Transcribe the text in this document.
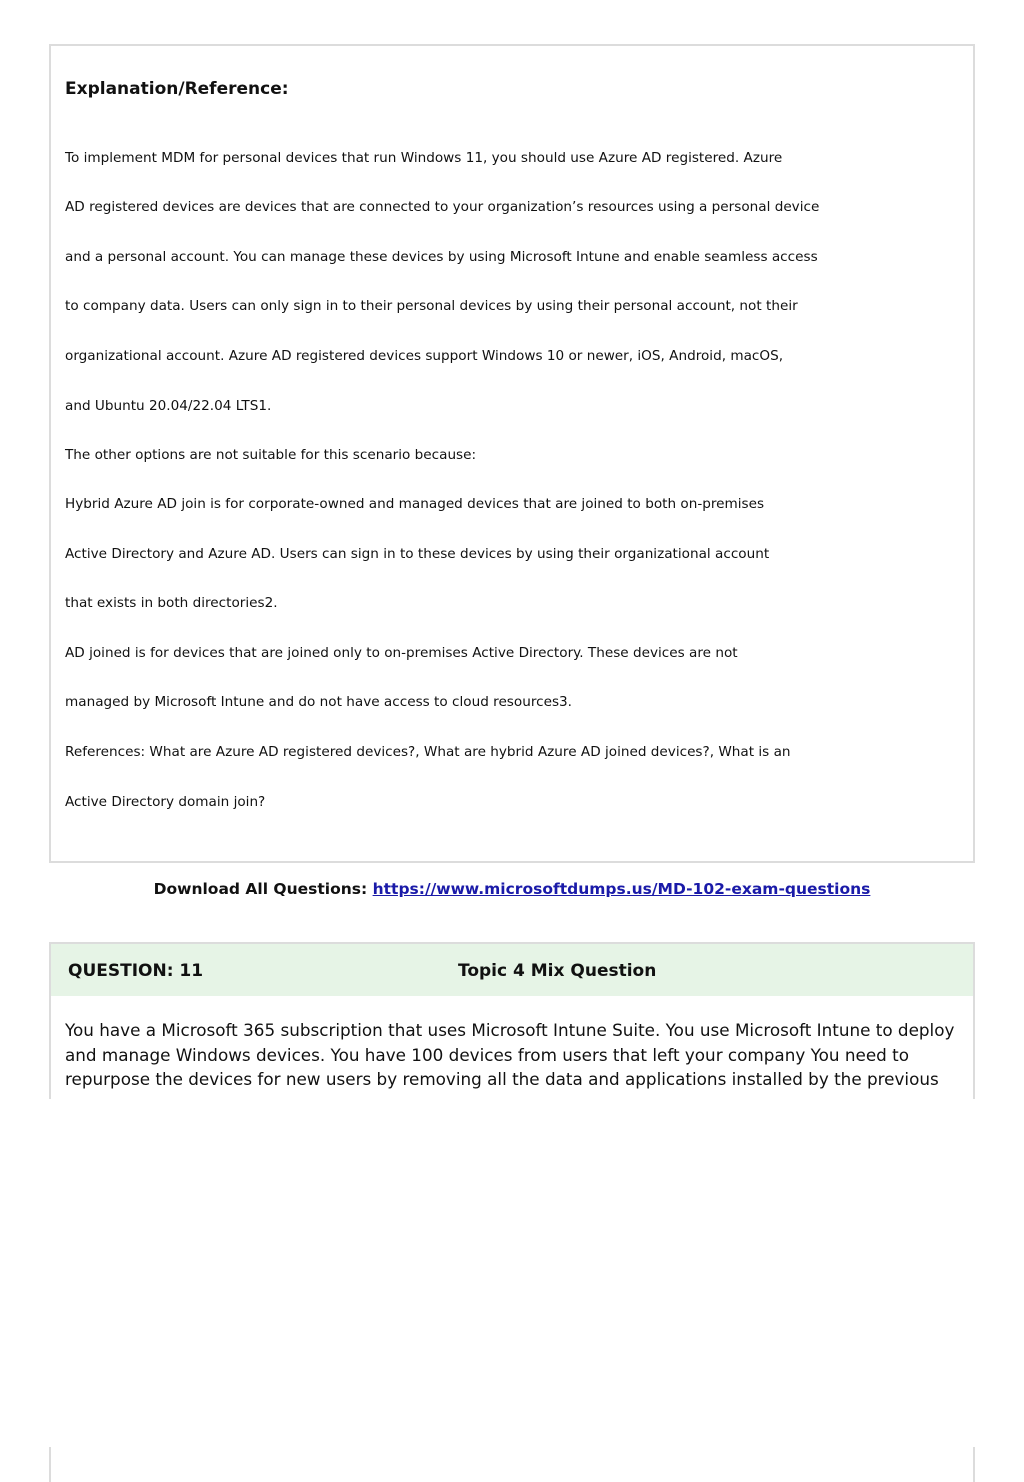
Explanation/Reference:
To implement MDM for personal devices that run Windows 11, you should use Azure AD registered. Azure
AD registered devices are devices that are connected to your organization’s resources using a personal device
and a personal account. You can manage these devices by using Microsoft Intune and enable seamless access
to company data. Users can only sign in to their personal devices by using their personal account, not their
organizational account. Azure AD registered devices support Windows 10 or newer, iOS, Android, macOS,
and Ubuntu 20.04/22.04 LTS1.
The other options are not suitable for this scenario because:
Hybrid Azure AD join is for corporate-owned and managed devices that are joined to both on-premises
Active Directory and Azure AD. Users can sign in to these devices by using their organizational account
that exists in both directories2.
AD joined is for devices that are joined only to on-premises Active Directory. These devices are not
managed by Microsoft Intune and do not have access to cloud resources3.
References: What are Azure AD registered devices?, What are hybrid Azure AD joined devices?, What is an
Active Directory domain join?
Download All Questions: https://www.microsoftdumps.us/MD-102-exam-questions
QUESTION: 11	Topic 4 Mix Question
You have a Microsoft 365 subscription that uses Microsoft Intune Suite. You use Microsoft Intune to deploy
and manage Windows devices. You have 100 devices from users that left your company You need to
repurpose the devices for new users by removing all the data and applications installed by the previous
